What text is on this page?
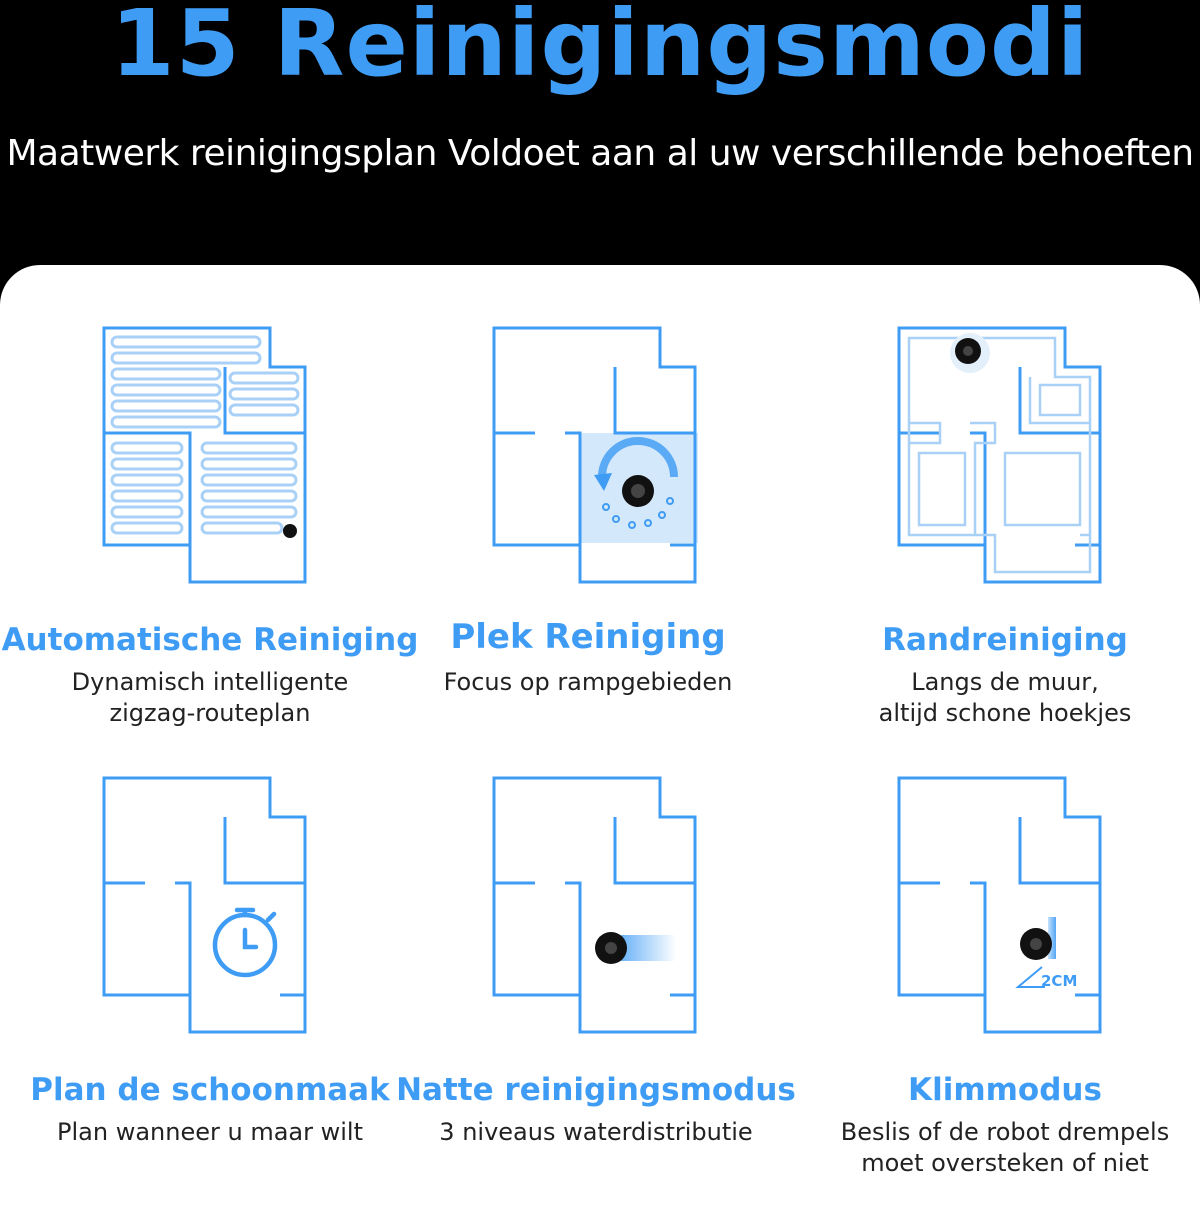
15 Reinigingsmodi
Maatwerk reinigingsplan Voldoet aan al uw verschillende behoeften
Automatische Reiniging
Dynamisch intelligente
zigzag-routeplan
Plek Reiniging
Focus op rampgebieden
Randreiniging
Langs de muur,
altijd schone hoekjes
Plan de schoonmaak
Plan wanneer u maar wilt
Natte reinigingsmodus
3 niveaus waterdistributie
2CM
Klimmodus
Beslis of de robot drempels
moet oversteken of niet
